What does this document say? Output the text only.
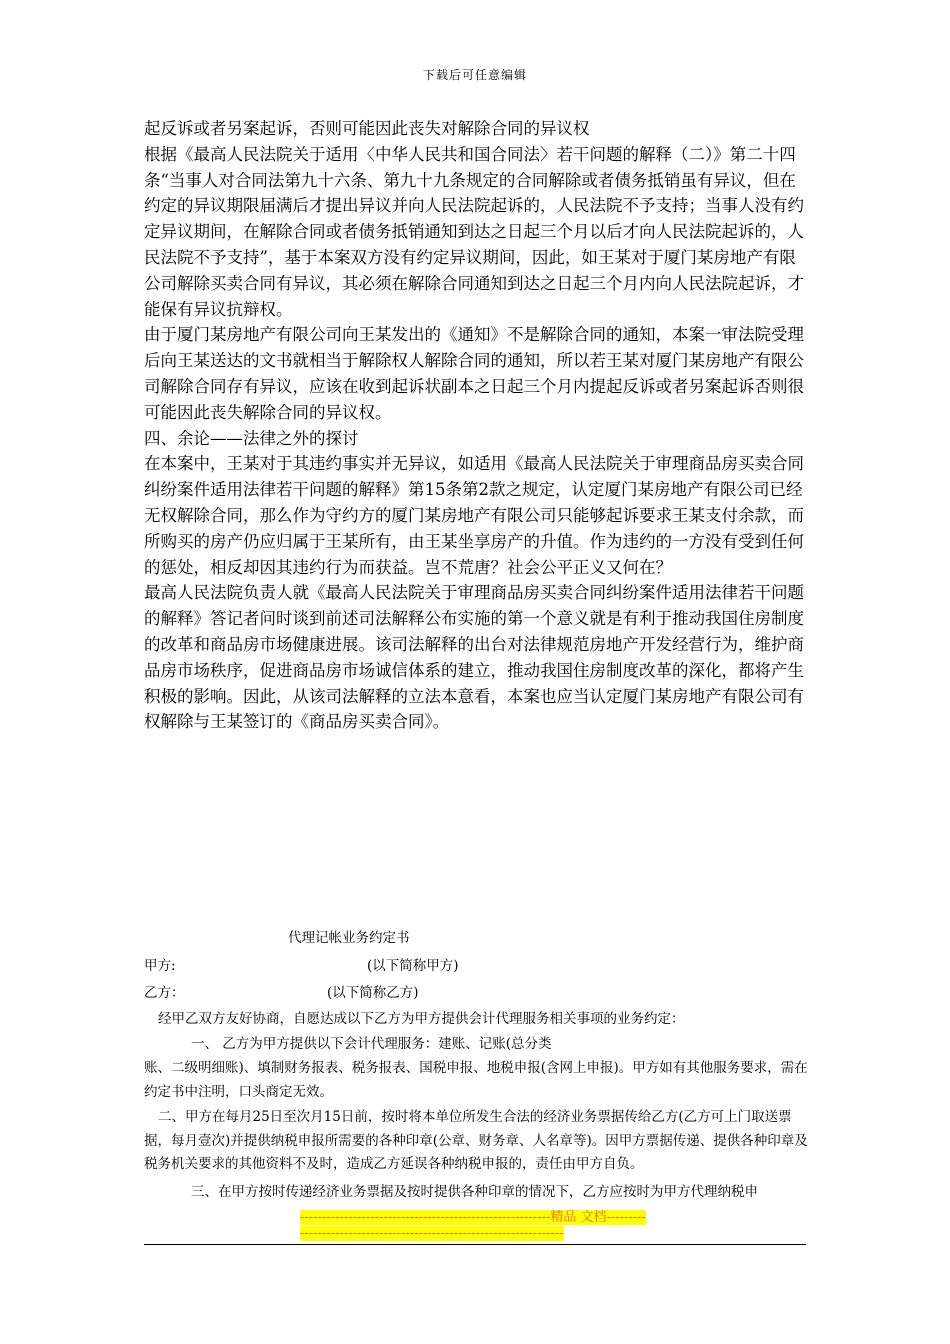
下载后可任意编辑

起反诉或者另案起诉，否则可能因此丧失对解除合同的异议权

根据《最高人民法院关于适用〈中华人民共和国合同法〉若干问题的解释（二）》第二十四条“当事人对合同法第九十六条、第九十九条规定的合同解除或者债务抵销虽有异议，但在约定的异议期限届满后才提出异议并向人民法院起诉的，人民法院不予支持；当事人没有约定异议期间，在解除合同或者债务抵销通知到达之日起三个月以后才向人民法院起诉的，人民法院不予支持”，基于本案双方没有约定异议期间，因此，如王某对于厦门某房地产有限公司解除买卖合同有异议，其必须在解除合同通知到达之日起三个月内向人民法院起诉，才能保有异议抗辩权。

由于厦门某房地产有限公司向王某发出的《通知》不是解除合同的通知，本案一审法院受理后向王某送达的文书就相当于解除权人解除合同的通知，所以若王某对厦门某房地产有限公司解除合同存有异议，应该在收到起诉状副本之日起三个月内提起反诉或者另案起诉否则很可能因此丧失解除合同的异议权。

四、余论——法律之外的探讨

在本案中，王某对于其违约事实并无异议，如适用《最高人民法院关于审理商品房买卖合同纠纷案件适用法律若干问题的解释》第15条第2款之规定，认定厦门某房地产有限公司已经无权解除合同，那么作为守约方的厦门某房地产有限公司只能够起诉要求王某支付余款，而所购买的房产仍应归属于王某所有，由王某坐享房产的升值。作为违约的一方没有受到任何的惩处，相反却因其违约行为而获益。岂不荒唐？社会公平正义又何在？

最高人民法院负责人就《最高人民法院关于审理商品房买卖合同纠纷案件适用法律若干问题的解释》答记者问时谈到前述司法解释公布实施的第一个意义就是有利于推动我国住房制度的改革和商品房市场健康进展。该司法解释的出台对法律规范房地产开发经营行为，维护商品房市场秩序，促进商品房市场诚信体系的建立，推动我国住房制度改革的深化，都将产生积极的影响。因此，从该司法解释的立法本意看，本案也应当认定厦门某房地产有限公司有权解除与王某签订的《商品房买卖合同》。

代理记帐业务约定书
甲方:	(以下简称甲方)
乙方：	(以下简称乙方)
经甲乙双方友好协商，自愿达成以下乙方为甲方提供会计代理服务相关事项的业务约定：
一、 乙方为甲方提供以下会计代理服务：建账、记账(总分类
账、二级明细账)、填制财务报表、税务报表、国税申报、地税申报(含网上申报)。甲方如有其他服务要求，需在约定书中注明，口头商定无效。
二、甲方在每月25日至次月15日前，按时将本单位所发生合法的经济业务票据传给乙方(乙方可上门取送票据，每月壹次)并提供纳税申报所需要的各种印章(公章、财务章、人名章等)。因甲方票据传递、提供各种印章及税务机关要求的其他资料不及时，造成乙方延误各种纳税申报的，责任由甲方自负。
三、在甲方按时传递经济业务票据及按时提供各种印章的情况下，乙方应按时为甲方代理纳税申
---------------------------------------------------------精品 文档---------------------------------------------------------------------
